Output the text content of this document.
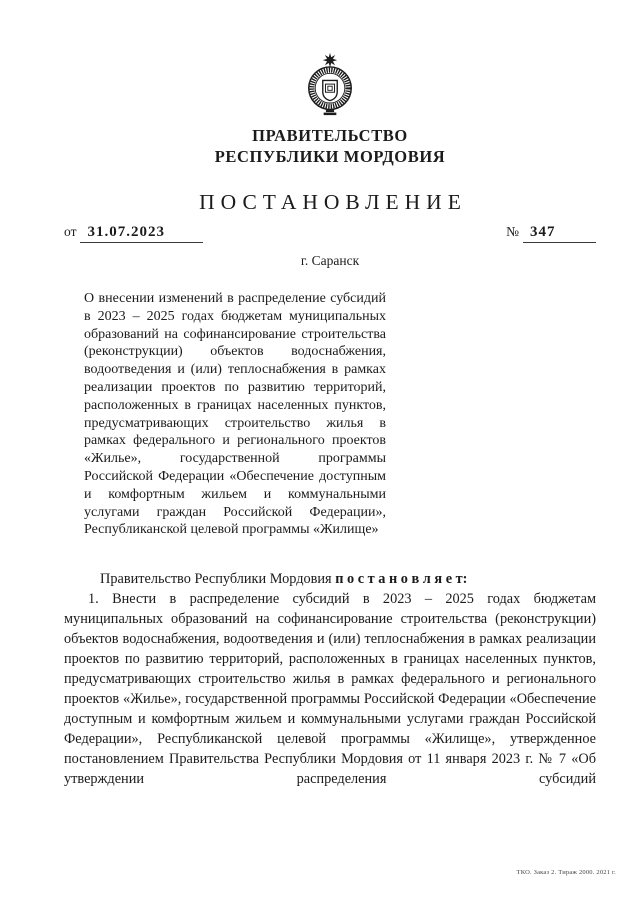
ПРАВИТЕЛЬСТВО
РЕСПУБЛИКИ МОРДОВИЯ
ПОСТАНОВЛЕНИЕ
от 31.07.2023	№ 347
г. Саранск
О внесении изменений в распределение субсидий в 2023 – 2025 годах бюджетам муниципальных образований на софинансирование строительства (реконструкции) объектов водоснабжения, водоотведения и (или) теплоснабжения в рамках реализации проектов по развитию территорий, расположенных в границах населенных пунктов, предусматривающих строительство жилья в рамках федерального и регионального проектов «Жилье», государственной программы Российской Федерации «Обеспечение доступным и комфортным жильем и коммунальными услугами граждан Российской Федерации», Республиканской целевой программы «Жилище»

Правительство Республики Мордовия п о с т а н о в л я е т:

1. Внести в распределение субсидий в 2023 – 2025 годах бюджетам муниципальных образований на софинансирование строительства (реконструкции) объектов водоснабжения, водоотведения и (или) теплоснабжения в рамках реализации проектов по развитию территорий, расположенных в границах населенных пунктов, предусматривающих строительство жилья в рамках федерального и регионального проектов «Жилье», государственной программы Российской Федерации «Обеспечение доступным и комфортным жильем и коммунальными услугами граждан Российской Федерации», Республиканской целевой программы «Жилище», утвержденное постановлением Правительства Республики Мордовия от 11 января 2023 г. № 7 «Об утверждении распределения субсидий

ТКО. Заказ 2. Тираж 2000. 2021 г.
